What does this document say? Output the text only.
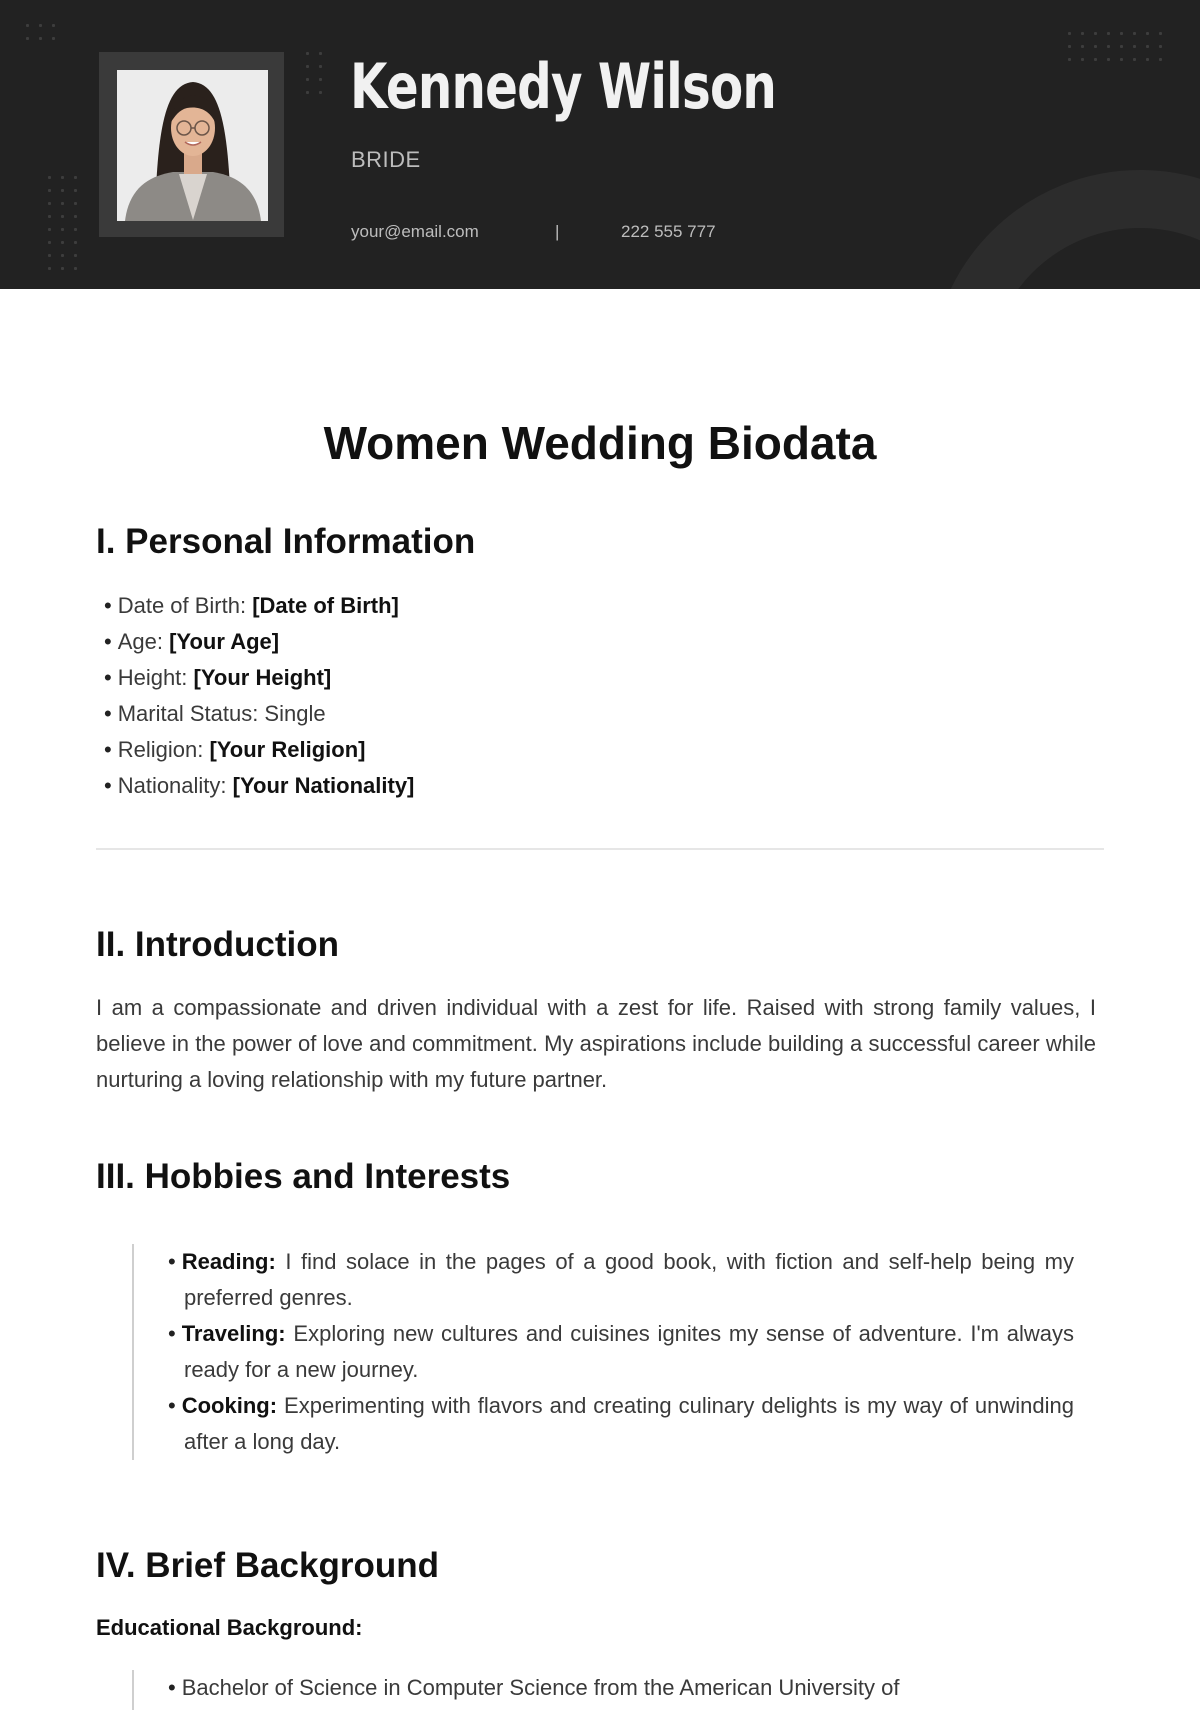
Kennedy Wilson
BRIDE
your@email.com	|	222 555 777
Women Wedding Biodata
I. Personal Information
• Date of Birth: [Date of Birth]
• Age: [Your Age]
• Height: [Your Height]
• Marital Status: Single
• Religion: [Your Religion]
• Nationality: [Your Nationality]
II. Introduction

I am a compassionate and driven individual with a zest for life. Raised with strong family values, I believe in the power of love and commitment. My aspirations include building a successful career while nurturing a loving relationship with my future partner.

III. Hobbies and Interests
• Reading: I find solace in the pages of a good book, with fiction and self-help being my preferred genres.
• Traveling: Exploring new cultures and cuisines ignites my sense of adventure. I'm always ready for a new journey.
• Cooking: Experimenting with flavors and creating culinary delights is my way of unwinding after a long day.
IV. Brief Background
Educational Background:
• Bachelor of Science in Computer Science from the American University of
